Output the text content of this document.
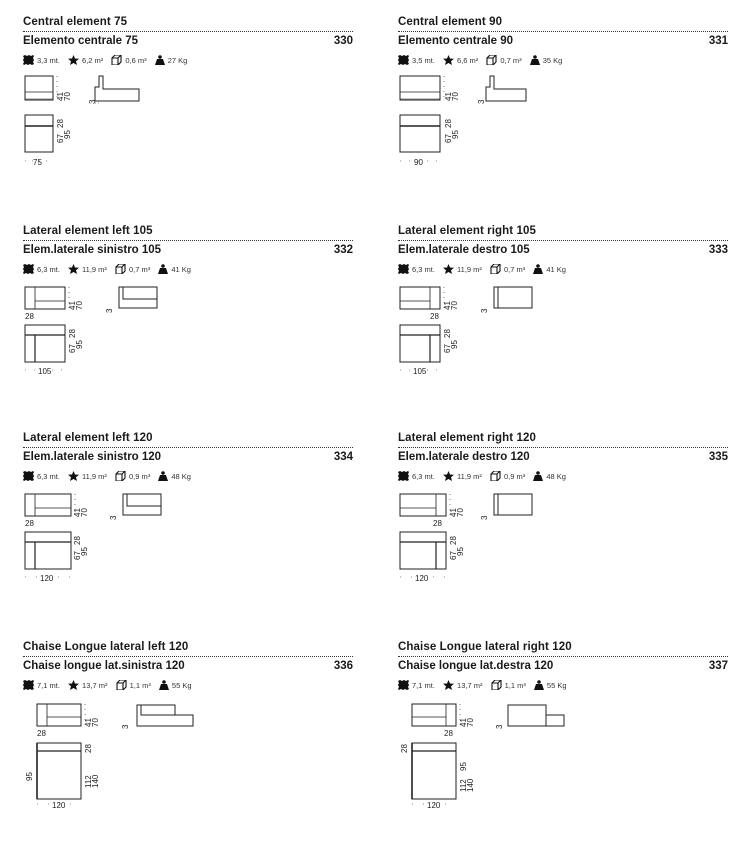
Central element 75
Elemento centrale 75	330
3,3 mt.	6,2 m²	0,6 m³	27 Kg
41
70
3
67
28
95
75
Central element 90
Elemento centrale 90	331
3,5 mt.	6,6 m²	0,7 m³	35 Kg
41
70
3
67
28
95
90
Lateral element left 105
Elem.laterale sinistro 105	332
6,3 mt.	11,9 m²	0,7 m³	41 Kg
41
70
28
3
67
28
95
105
Lateral element right 105
Elem.laterale destro 105	333
6,3 mt.	11,9 m²	0,7 m³	41 Kg
41
70
28
3
67
28
95
105
Lateral element left 120
Elem.laterale sinistro 120	334
6,3 mt.	11,9 m²	0,9 m³	48 Kg
41
70
28
3
67
28
95
120
Lateral element right 120
Elem.laterale destro 120	335
6,3 mt.	11,9 m²	0,9 m³	48 Kg
41
70
28
3
67
28
95
120
Chaise Longue lateral left 120
Chaise longue lat.sinistra 120	336
7,1 mt.	13,7 m²	1,1 m³	55 Kg
41
70
28
3
95
28
112
140
120
Chaise Longue lateral right 120
Chaise longue lat.destra 120	337
7,1 mt.	13,7 m²	1,1 m³	55 Kg
41
70
28
3
28
95
112
140
120
